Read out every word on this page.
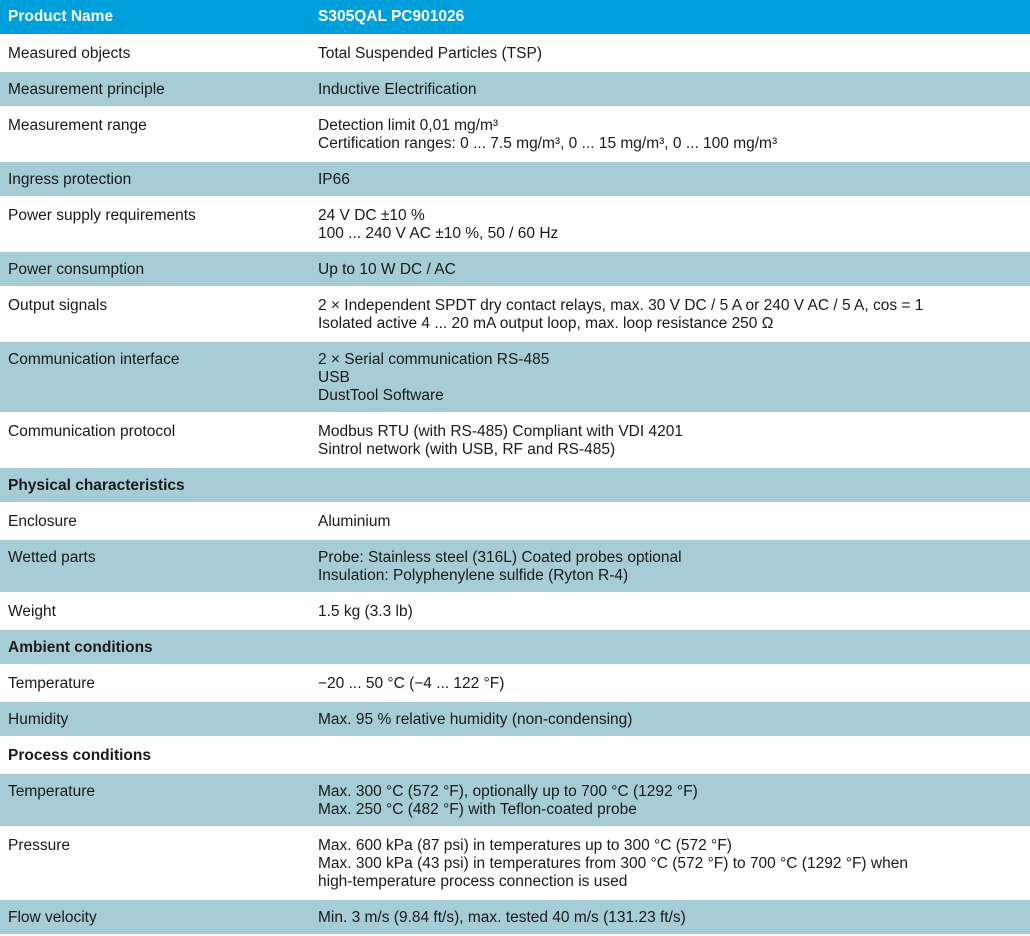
Product Name	S305QAL PC901026
Measured objects	Total Suspended Particles (TSP)

Measurement principle	Inductive Electrification

Measurement range	Detection limit 0,01 mg/m³
Certification ranges: 0 ... 7.5 mg/m³, 0 ... 15 mg/m³, 0 ... 100 mg/m³

Ingress protection	IP66

Power supply requirements	24 V DC ±10 %
100 ... 240 V AC ±10 %, 50 / 60 Hz

Power consumption	Up to 10 W DC / AC

Output signals	2 × Independent SPDT dry contact relays, max. 30 V DC / 5 A or 240 V AC / 5 A, cos = 1
Isolated active 4 ... 20 mA output loop, max. loop resistance 250 Ω

Communication interface	2 × Serial communication RS-485
USB
DustTool Software

Communication protocol	Modbus RTU (with RS-485) Compliant with VDI 4201
Sintrol network (with USB, RF and RS-485)

Physical characteristics	
Enclosure	Aluminium

Wetted parts	Probe: Stainless steel (316L) Coated probes optional
Insulation: Polyphenylene sulfide (Ryton R-4)

Weight	1.5 kg (3.3 lb)

Ambient conditions	
Temperature	−20 ... 50 °C (−4 ... 122 °F)

Humidity	Max. 95 % relative humidity (non-condensing)

Process conditions	
Temperature	Max. 300 °C (572 °F), optionally up to 700 °C (1292 °F)
Max. 250 °C (482 °F) with Teflon-coated probe

Pressure	Max. 600 kPa (87 psi) in temperatures up to 300 °C (572 °F)
Max. 300 kPa (43 psi) in temperatures from 300 °C (572 °F) to 700 °C (1292 °F) when
high-temperature process connection is used

Flow velocity	Min. 3 m/s (9.84 ft/s), max. tested 40 m/s (131.23 ft/s)
